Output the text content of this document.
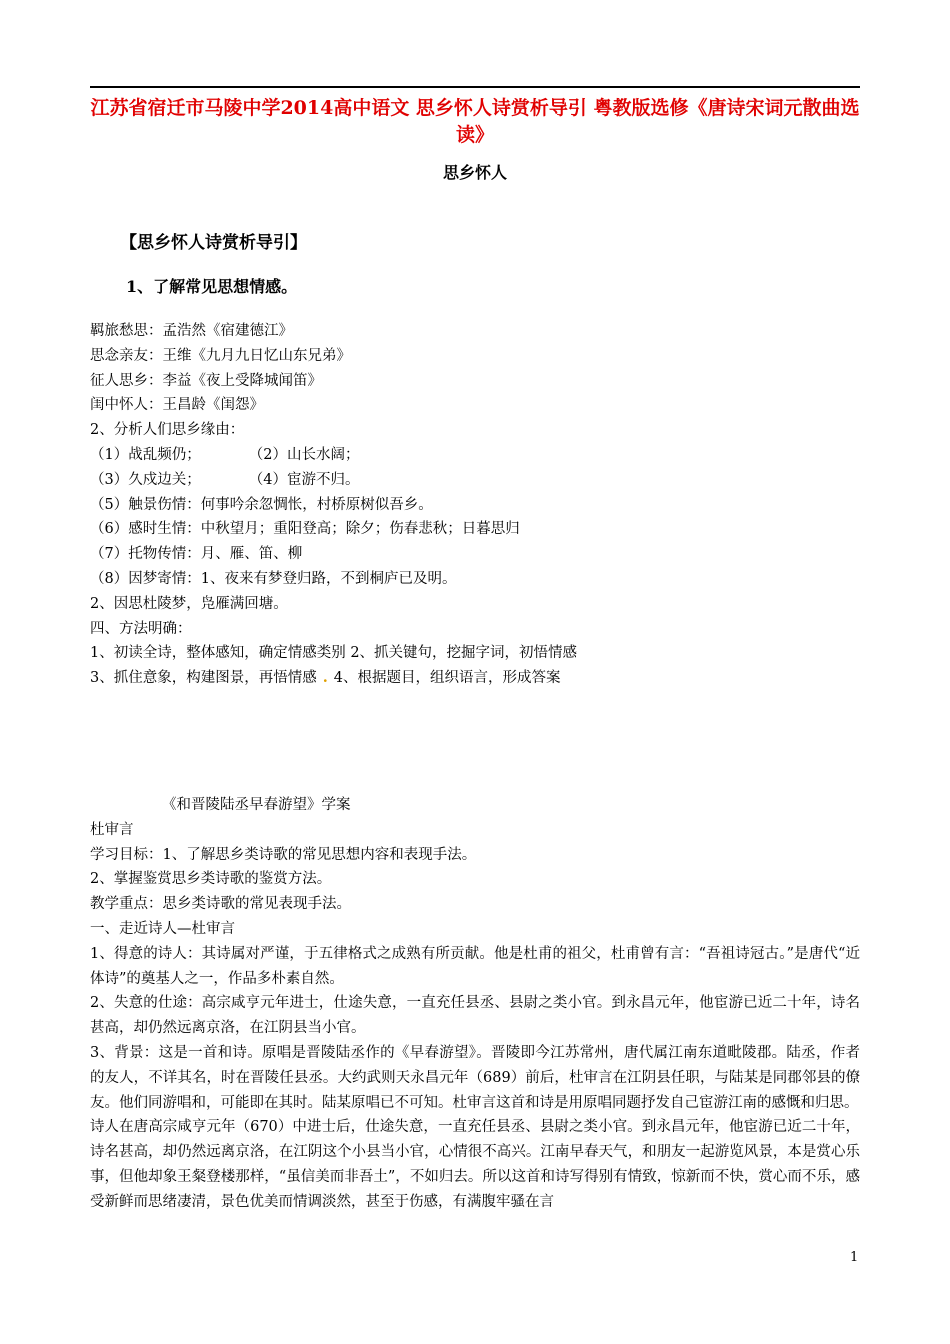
江苏省宿迁市马陵中学2014高中语文 思乡怀人诗赏析导引 粤教版选修《唐诗宋词元散曲选读》
思乡怀人
【思乡怀人诗赏析导引】
1、了解常见思想情感。
羁旅愁思：孟浩然《宿建德江》
思念亲友：王维《九月九日忆山东兄弟》
征人思乡：李益《夜上受降城闻笛》
闺中怀人：王昌龄《闺怨》
2、分析人们思乡缘由：
（1）战乱频仍；	（2）山长水阔；
（3）久戍边关；	（4）宦游不归。
（5）触景伤情：何事吟余忽惆怅，村桥原树似吾乡。
（6）感时生情：中秋望月；重阳登高；除夕；伤春悲秋；日暮思归
（7）托物传情：月、雁、笛、柳
（8）因梦寄情：1、夜来有梦登归路，不到桐庐已及明。
2、因思杜陵梦，凫雁满回塘。
四、方法明确：
1、初读全诗，整体感知，确定情感类别 2、抓关键句，挖掘字词，初悟情感
3、抓住意象，构建图景，再悟情感 . 4、根据题目，组织语言，形成答案
《和晋陵陆丞早春游望》学案
杜审言
学习目标：1、了解思乡类诗歌的常见思想内容和表现手法。
2、掌握鉴赏思乡类诗歌的鉴赏方法。
教学重点：思乡类诗歌的常见表现手法。
一、走近诗人—杜审言
1、得意的诗人：其诗属对严谨，于五律格式之成熟有所贡献。他是杜甫的祖父，杜甫曾有言：“吾祖诗冠古。”是唐代“近体诗”的奠基人之一，作品多朴素自然。
2、失意的仕途：高宗咸亨元年进士，仕途失意，一直充任县丞、县尉之类小官。到永昌元年，他宦游已近二十年，诗名甚高，却仍然远离京洛，在江阴县当小官。
3、背景：这是一首和诗。原唱是晋陵陆丞作的《早春游望》。晋陵即今江苏常州，唐代属江南东道毗陵郡。陆丞，作者的友人，不详其名，时在晋陵任县丞。大约武则天永昌元年（689）前后，杜审言在江阴县任职，与陆某是同郡邻县的僚友。他们同游唱和，可能即在其时。陆某原唱已不可知。杜审言这首和诗是用原唱同题抒发自己宦游江南的感慨和归思。
诗人在唐高宗咸亨元年（670）中进士后，仕途失意，一直充任县丞、县尉之类小官。到永昌元年，他宦游已近二十年，诗名甚高，却仍然远离京洛，在江阴这个小县当小官，心情很不高兴。江南早春天气，和朋友一起游览风景，本是赏心乐事，但他却象王粲登楼那样，“虽信美而非吾土”，不如归去。所以这首和诗写得别有情致，惊新而不快，赏心而不乐，感受新鲜而思绪凄清，景色优美而情调淡然，甚至于伤感，有满腹牢骚在言
1
